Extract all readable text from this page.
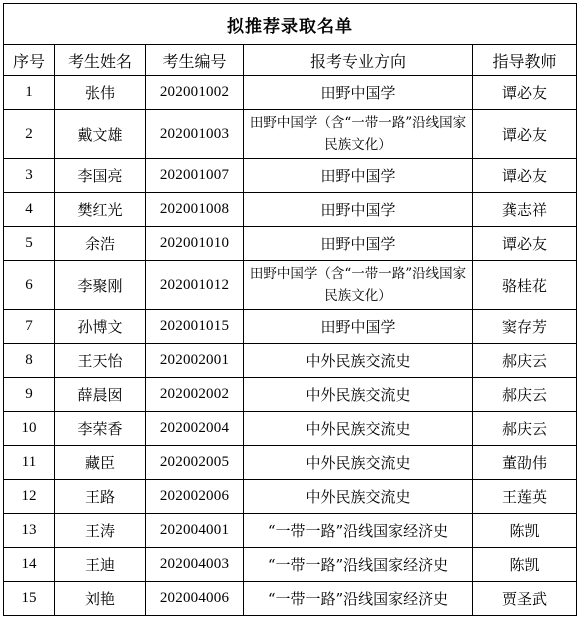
拟推荐录取名单				
序号	考生姓名	考生编号	报考专业方向	指导教师
1	张伟	202001002	田野中国学	谭必友
2	戴文雄	202001003	田野中国学（含“一带一路”沿线国家民族文化）	谭必友
3	李国亮	202001007	田野中国学	谭必友
4	樊红光	202001008	田野中国学	龚志祥
5	余浩	202001010	田野中国学	谭必友
6	李聚刚	202001012	田野中国学（含“一带一路”沿线国家民族文化）	骆桂花
7	孙博文	202001015	田野中国学	窦存芳
8	王天怡	202002001	中外民族交流史	郝庆云
9	薛晨囡	202002002	中外民族交流史	郝庆云
10	李荣香	202002004	中外民族交流史	郝庆云
11	藏臣	202002005	中外民族交流史	董劭伟
12	王路	202002006	中外民族交流史	王莲英
13	王涛	202004001	“一带一路”沿线国家经济史	陈凯
14	王迪	202004003	“一带一路”沿线国家经济史	陈凯
15	刘艳	202004006	“一带一路”沿线国家经济史	贾圣武
